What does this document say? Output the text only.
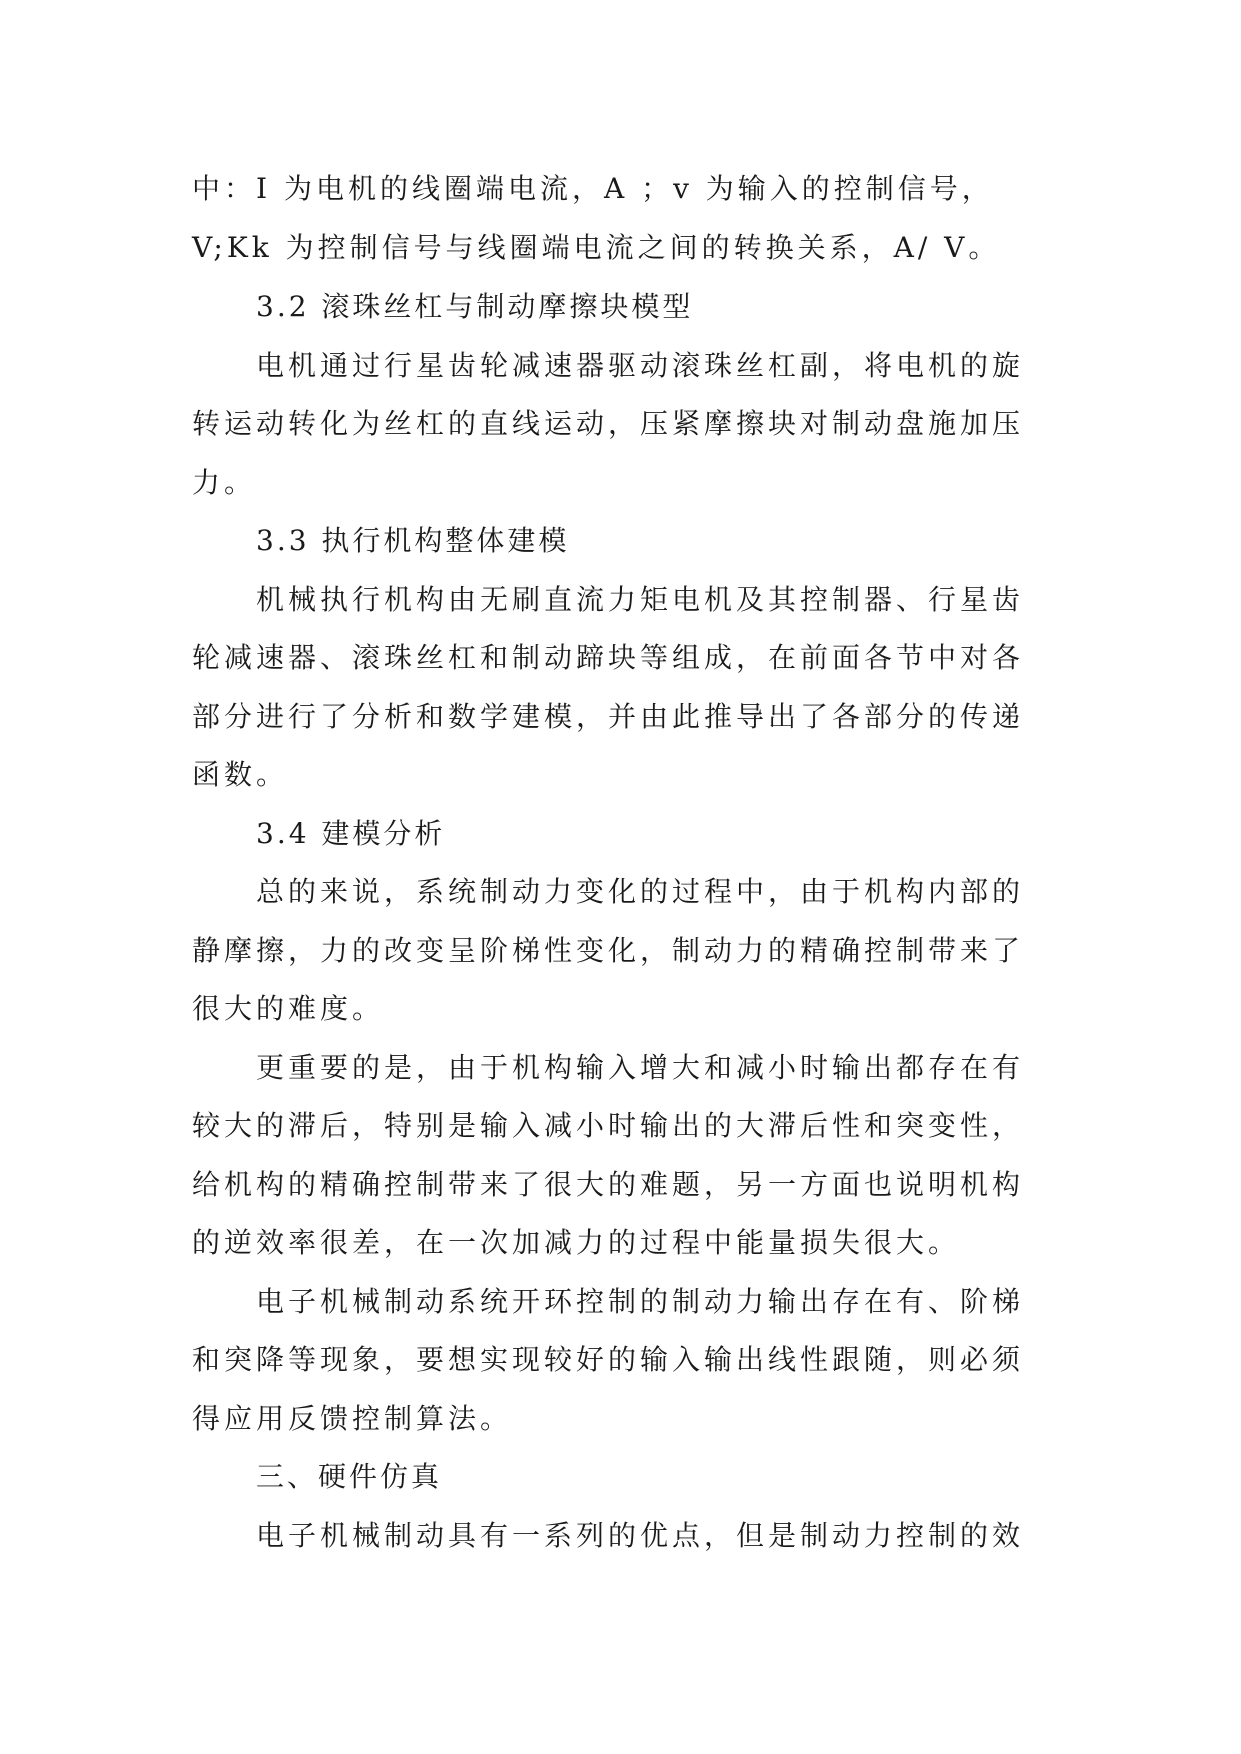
中：I 为电机的线圈端电流，A ；v 为输入的控制信号，
V;Kk 为控制信号与线圈端电流之间的转换关系，A/ V。
3.2 滚珠丝杠与制动摩擦块模型
电机通过行星齿轮减速器驱动滚珠丝杠副，将电机的旋
转运动转化为丝杠的直线运动，压紧摩擦块对制动盘施加压
力。
3.3 执行机构整体建模
机械执行机构由无刷直流力矩电机及其控制器、行星齿
轮减速器、滚珠丝杠和制动蹄块等组成，在前面各节中对各
部分进行了分析和数学建模，并由此推导出了各部分的传递
函数。
3.4 建模分析
总的来说，系统制动力变化的过程中，由于机构内部的
静摩擦，力的改变呈阶梯性变化，制动力的精确控制带来了
很大的难度。
更重要的是，由于机构输入增大和减小时输出都存在有
较大的滞后，特别是输入减小时输出的大滞后性和突变性，
给机构的精确控制带来了很大的难题，另一方面也说明机构
的逆效率很差，在一次加减力的过程中能量损失很大。
电子机械制动系统开环控制的制动力输出存在有、阶梯
和突降等现象，要想实现较好的输入输出线性跟随，则必须
得应用反馈控制算法。
三、硬件仿真
电子机械制动具有一系列的优点，但是制动力控制的效
